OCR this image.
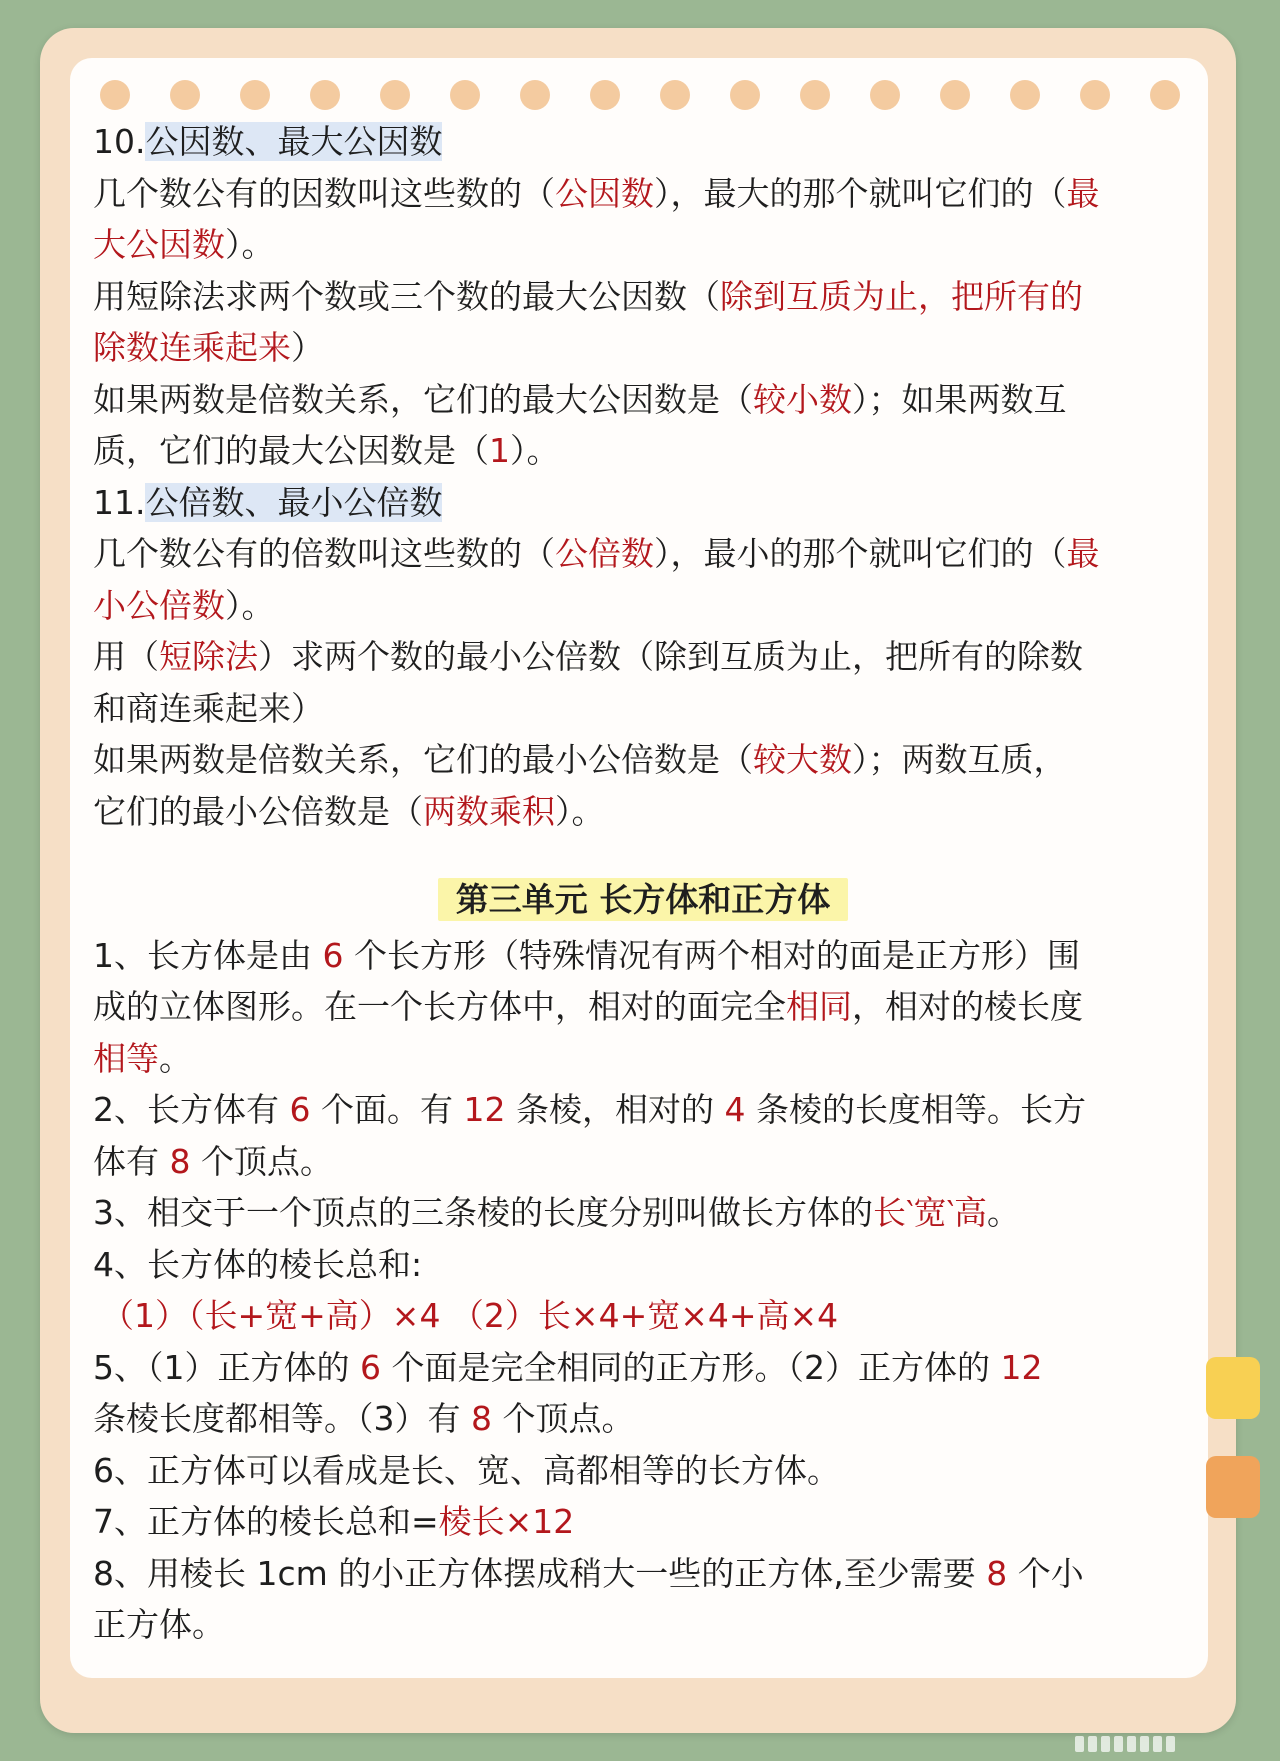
10.公因数、最大公因数
几个数公有的因数叫这些数的（公因数），最大的那个就叫它们的（最
大公因数）。
用短除法求两个数或三个数的最大公因数（除到互质为止，把所有的
除数连乘起来）
如果两数是倍数关系，它们的最大公因数是（较小数）；如果两数互
质，它们的最大公因数是（1）。
11.公倍数、最小公倍数
几个数公有的倍数叫这些数的（公倍数），最小的那个就叫它们的（最
小公倍数）。
用（短除法）求两个数的最小公倍数（除到互质为止，把所有的除数
和商连乘起来）
如果两数是倍数关系，它们的最小公倍数是（较大数）；两数互质，
它们的最小公倍数是（两数乘积）。
第三单元 长方体和正方体
1、长方体是由 6 个长方形（特殊情况有两个相对的面是正方形）围
成的立体图形。在一个长方体中，相对的面完全相同，相对的棱长度
相等。
2、长方体有 6 个面。有 12 条棱，相对的 4 条棱的长度相等。长方
体有 8 个顶点。
3、相交于一个顶点的三条棱的长度分别叫做长方体的长‵宽‵高。
4、长方体的棱长总和:
（1）（长+宽+高）×4 （2）长×4+宽×4+高×4
5、（1）正方体的 6 个面是完全相同的正方形。（2）正方体的 12
条棱长度都相等。（3）有 8 个顶点。
6、正方体可以看成是长、宽、高都相等的长方体。
7、正方体的棱长总和=棱长×12
8、用棱长 1cm 的小正方体摆成稍大一些的正方体,至少需要 8 个小
正方体。
